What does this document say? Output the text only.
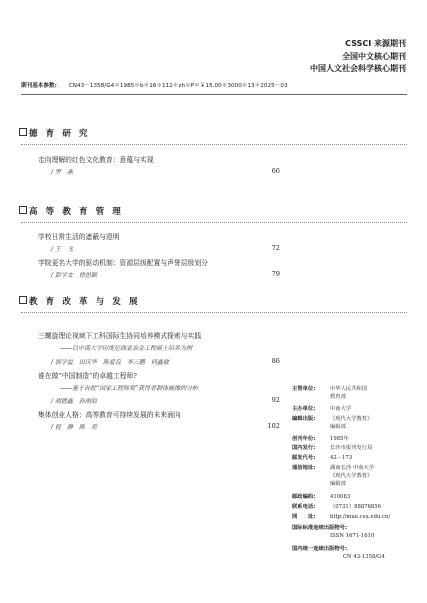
CSSCI 来源期刊
全国中文核心期刊
中国人文社会科学核心期刊
期刊基本参数: CN43－1358/G4＊1985＊b＊16＊112＊zh＊P＊￥15.00＊3000＊13＊2025－03
德 育 研 究
走向理解的红色文化教育：意蕴与实现
/ 罗　燕	66
高 等 教 育 管 理
学校日常生活的遮蔽与澄明
/ 王　飞	72
学院更名大学的驱动机制：资源层级配置与声誉层级划分
/ 彭学文　徐思颖	79
教 育 改 革 与 发 展
三螺旋理论视域下工科国际生协同培养模式探索与实践
——以中南大学印度尼西亚冶金工程硕士培养为例
/ 郭学益　田庆华　陈爱良　李三鹏　何鑫敏	86
谁在做“中国制造”的卓越工程师?
——基于首批“国家工程师奖”获得者群体画像的分析
/ 胡德鑫　孙雨晗	92
集体创业人格：高等教育可持续发展的未来面向
/ 倪　静　陈　亮	102
主管单位:	中华人民共和国
教育部
主办单位:	中南大学
编辑出版:	《现代大学教育》
编辑部
创刊年份:	1985年
国内发行:	长沙市报刊发行局
邮发代号:	42－173
通信地址:	湖南长沙 中南大学
《现代大学教育》
编辑部
邮政编码:	410083
联系电话:	（0731）88876856
网　　址:	http://mue.csu.edu.cn/
国际标准连续出版物号:
ISSN 1671-1610
国内统一连续出版物号:
CN 43-1358/G4
